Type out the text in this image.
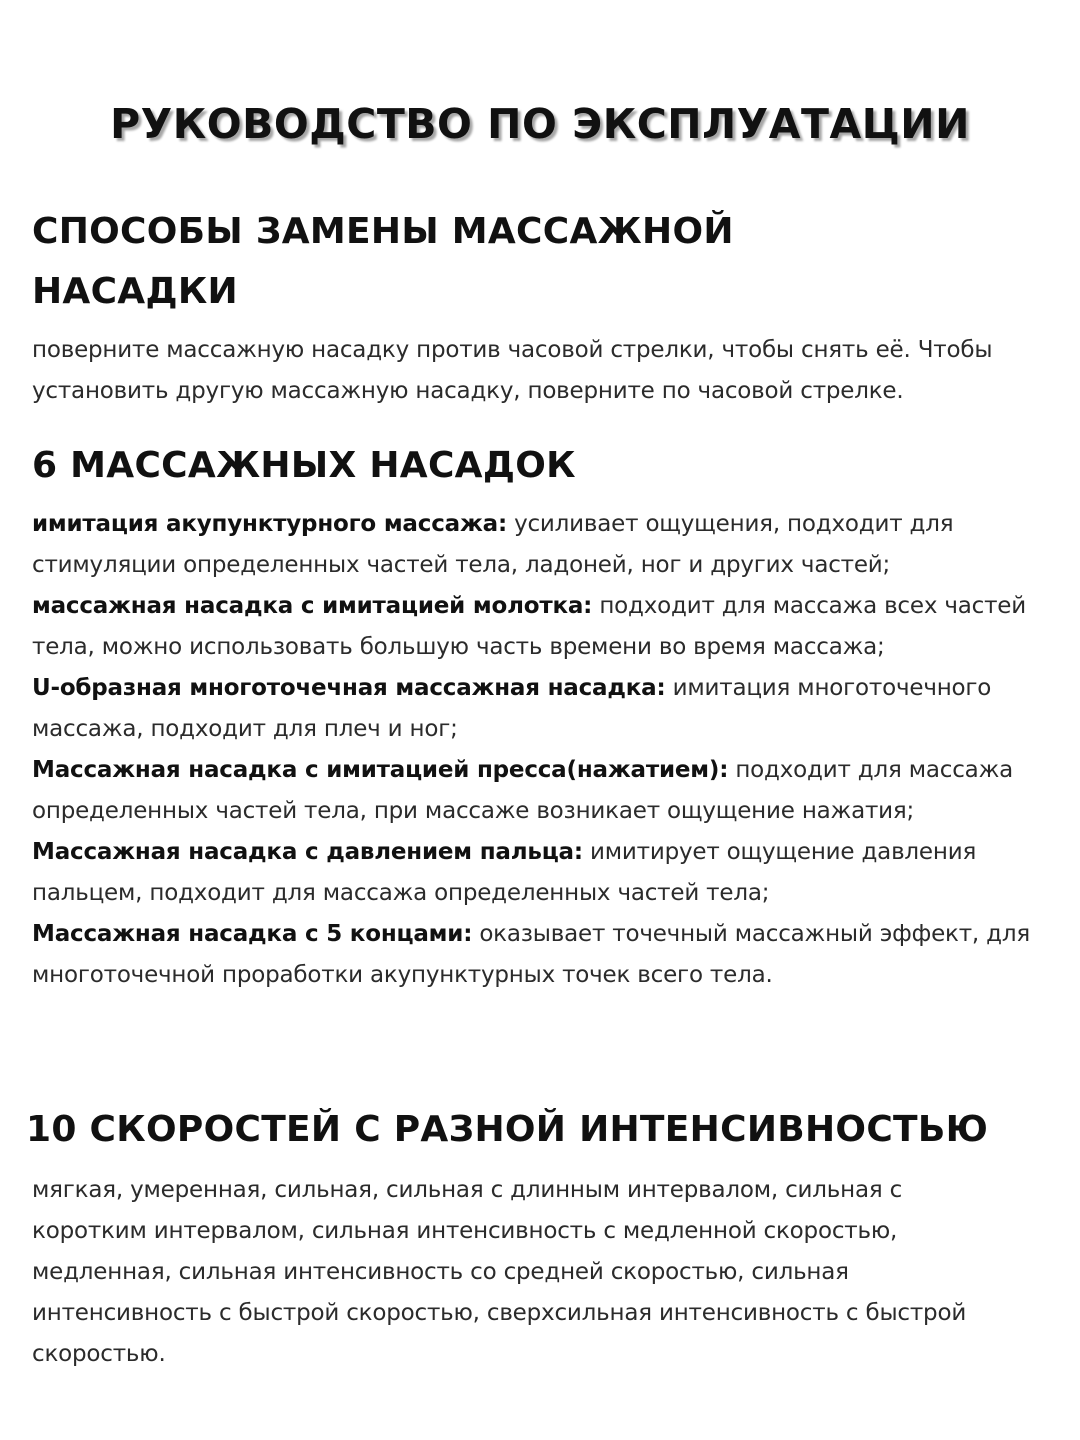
РУКОВОДСТВО ПО ЭКСПЛУАТАЦИИ
СПОСОБЫ ЗАМЕНЫ МАССАЖНОЙ
НАСАДКИ

поверните массажную насадку против часовой стрелки, чтобы снять её. Чтобы
установить другую массажную насадку, поверните по часовой стрелке.

6 МАССАЖНЫХ НАСАДОК
имитация акупунктурного массажа: усиливает ощущения, подходит для стимуляции определенных частей тела, ладоней, ног и других частей;
массажная насадка с имитацией молотка: подходит для массажа всех частей тела, можно использовать большую часть времени во время массажа;
U-образная многоточечная массажная насадка: имитация многоточечного массажа, подходит для плеч и ног;
Массажная насадка с имитацией пресса(нажатием): подходит для массажа определенных частей тела, при массаже возникает ощущение нажатия;
Массажная насадка с давлением пальца: имитирует ощущение давления пальцем, подходит для массажа определенных частей тела;
Массажная насадка с 5 концами: оказывает точечный массажный эффект, для многоточечной проработки акупунктурных точек всего тела.
10 СКОРОСТЕЙ С РАЗНОЙ ИНТЕНСИВНОСТЬЮ

мягкая, умеренная, сильная, сильная с длинным интервалом, сильная с коротким интервалом, сильная интенсивность с медленной скоростью, медленная, сильная интенсивность со средней скоростью, сильная интенсивность с быстрой скоростью, сверхсильная интенсивность с быстрой скоростью.
